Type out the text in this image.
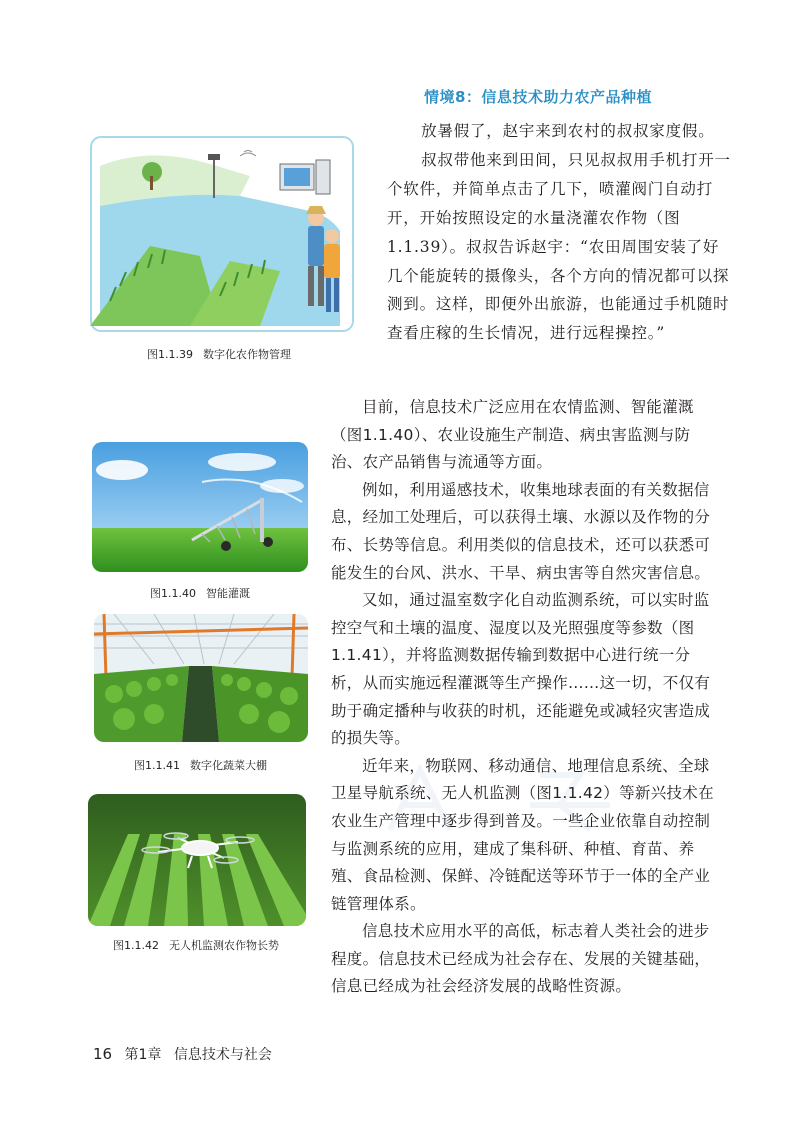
情境8：信息技术助力农产品种植

放暑假了，赵宇来到农村的叔叔家度假。

叔叔带他来到田间，只见叔叔用手机打开一个软件，并简单点击了几下，喷灌阀门自动打开，开始按照设定的水量浇灌农作物（图1.1.39）。叔叔告诉赵宇：“农田周围安装了好几个能旋转的摄像头，各个方向的情况都可以探测到。这样，即便外出旅游，也能通过手机随时查看庄稼的生长情况，进行远程操控。”

图1.1.39 数字化农作物管理

目前，信息技术广泛应用在农情监测、智能灌溉（图1.1.40）、农业设施生产制造、病虫害监测与防治、农产品销售与流通等方面。

例如，利用遥感技术，收集地球表面的有关数据信息，经加工处理后，可以获得土壤、水源以及作物的分布、长势等信息。利用类似的信息技术，还可以获悉可能发生的台风、洪水、干旱、病虫害等自然灾害信息。

又如，通过温室数字化自动监测系统，可以实时监控空气和土壤的温度、湿度以及光照强度等参数（图1.1.41），并将监测数据传输到数据中心进行统一分析，从而实施远程灌溉等生产操作……这一切，不仅有助于确定播种与收获的时机，还能避免或减轻灾害造成的损失等。

近年来，物联网、移动通信、地理信息系统、全球卫星导航系统、无人机监测（图1.1.42）等新兴技术在农业生产管理中逐步得到普及。一些企业依靠自动控制与监测系统的应用，建成了集科研、种植、育苗、养殖、食品检测、保鲜、冷链配送等环节于一体的全产业链管理体系。

信息技术应用水平的高低，标志着人类社会的进步程度。信息技术已经成为社会存在、发展的关键基础，信息已经成为社会经济发展的战略性资源。

图1.1.40 智能灌溉
图1.1.41 数字化蔬菜大棚
图1.1.42 无人机监测农作物长势
16 第1章 信息技术与社会
